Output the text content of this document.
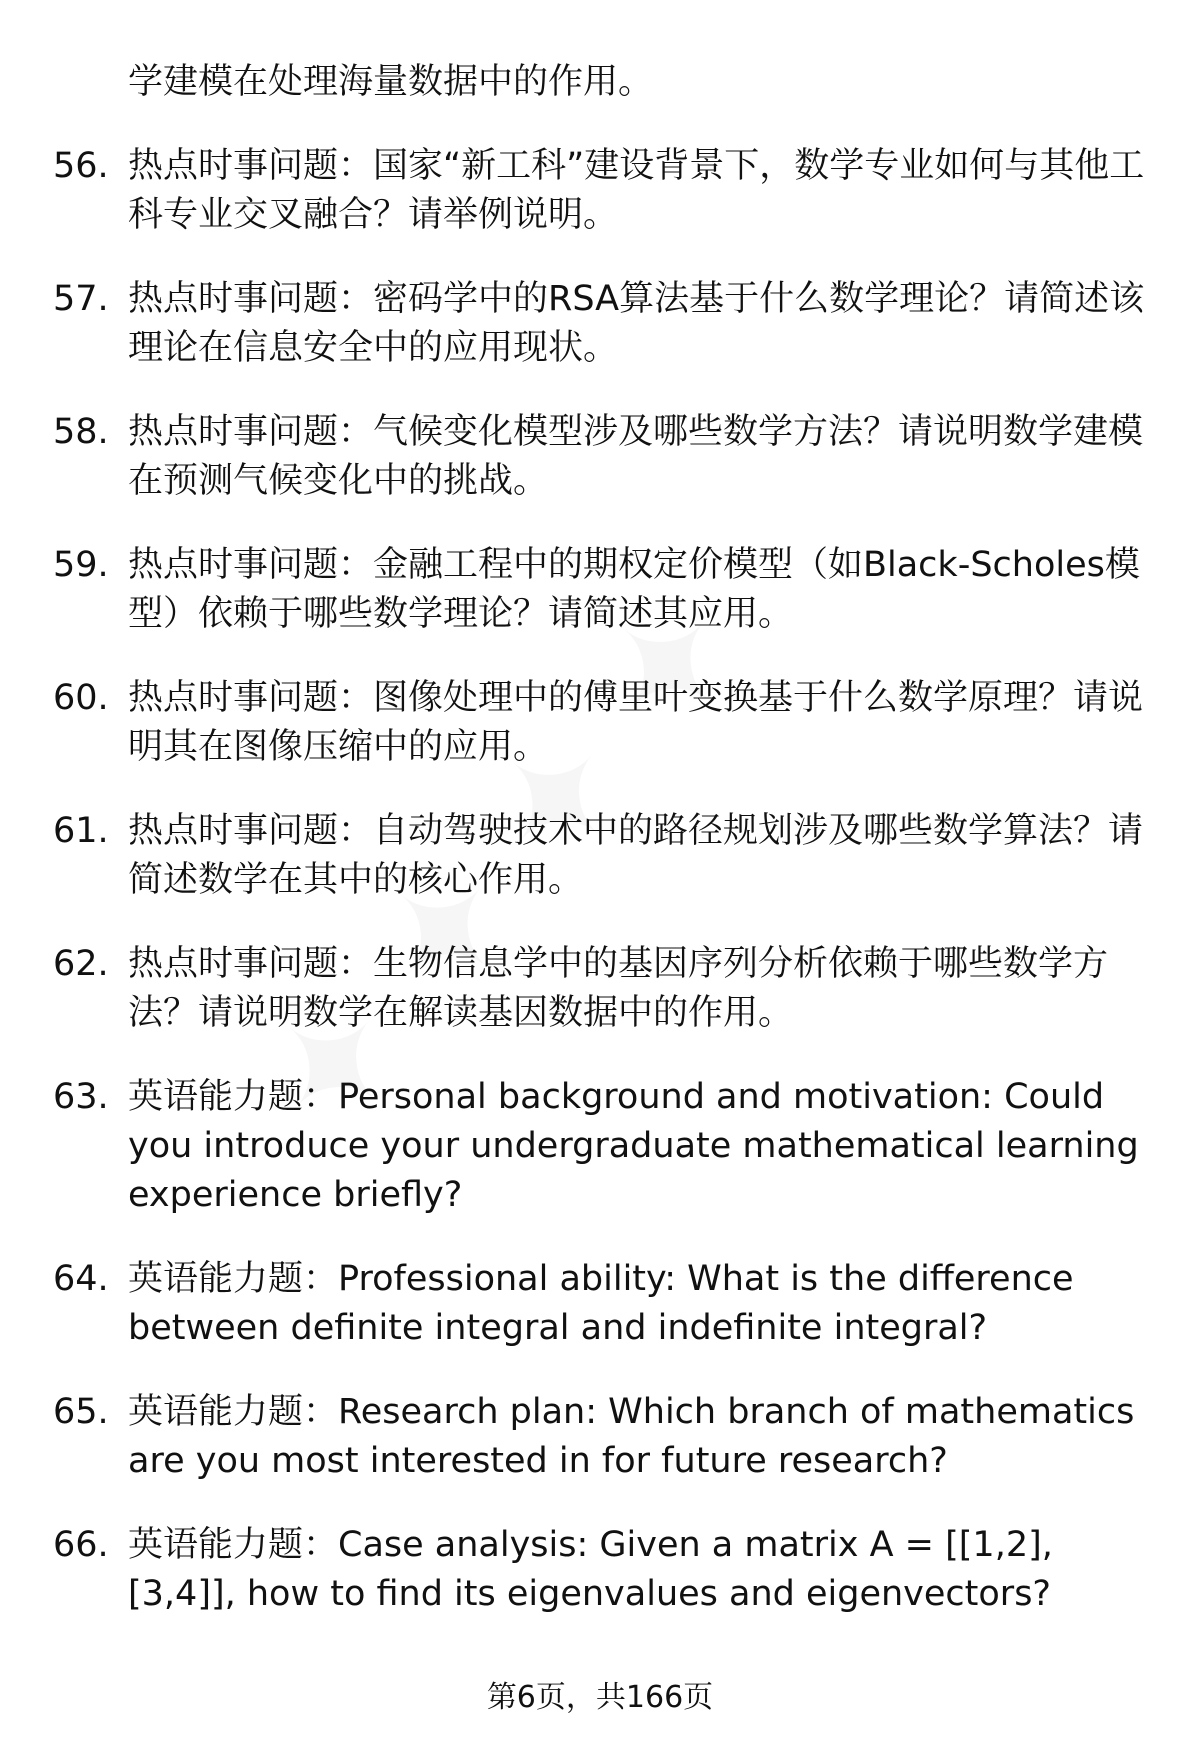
学建模在处理海量数据中的作用。
56. 热点时事问题：国家“新工科”建设背景下，数学专业如何与其他工科专业交叉融合？请举例说明。
57. 热点时事问题：密码学中的RSA算法基于什么数学理论？请简述该理论在信息安全中的应用现状。
58. 热点时事问题：气候变化模型涉及哪些数学方法？请说明数学建模在预测气候变化中的挑战。
59. 热点时事问题：金融工程中的期权定价模型（如Black-Scholes模型）依赖于哪些数学理论？请简述其应用。
60. 热点时事问题：图像处理中的傅里叶变换基于什么数学原理？请说明其在图像压缩中的应用。
61. 热点时事问题：自动驾驶技术中的路径规划涉及哪些数学算法？请简述数学在其中的核心作用。
62. 热点时事问题：生物信息学中的基因序列分析依赖于哪些数学方法？请说明数学在解读基因数据中的作用。
63. 英语能力题：Personal background and motivation: Could you introduce your undergraduate mathematical learning experience briefly?
64. 英语能力题：Professional ability: What is the difference between definite integral and indefinite integral?
65. 英语能力题：Research plan: Which branch of mathematics are you most interested in for future research?
66. 英语能力题：Case analysis: Given a matrix A = [[1,2],[3,4]], how to find its eigenvalues and eigenvectors?
第6页，共166页
